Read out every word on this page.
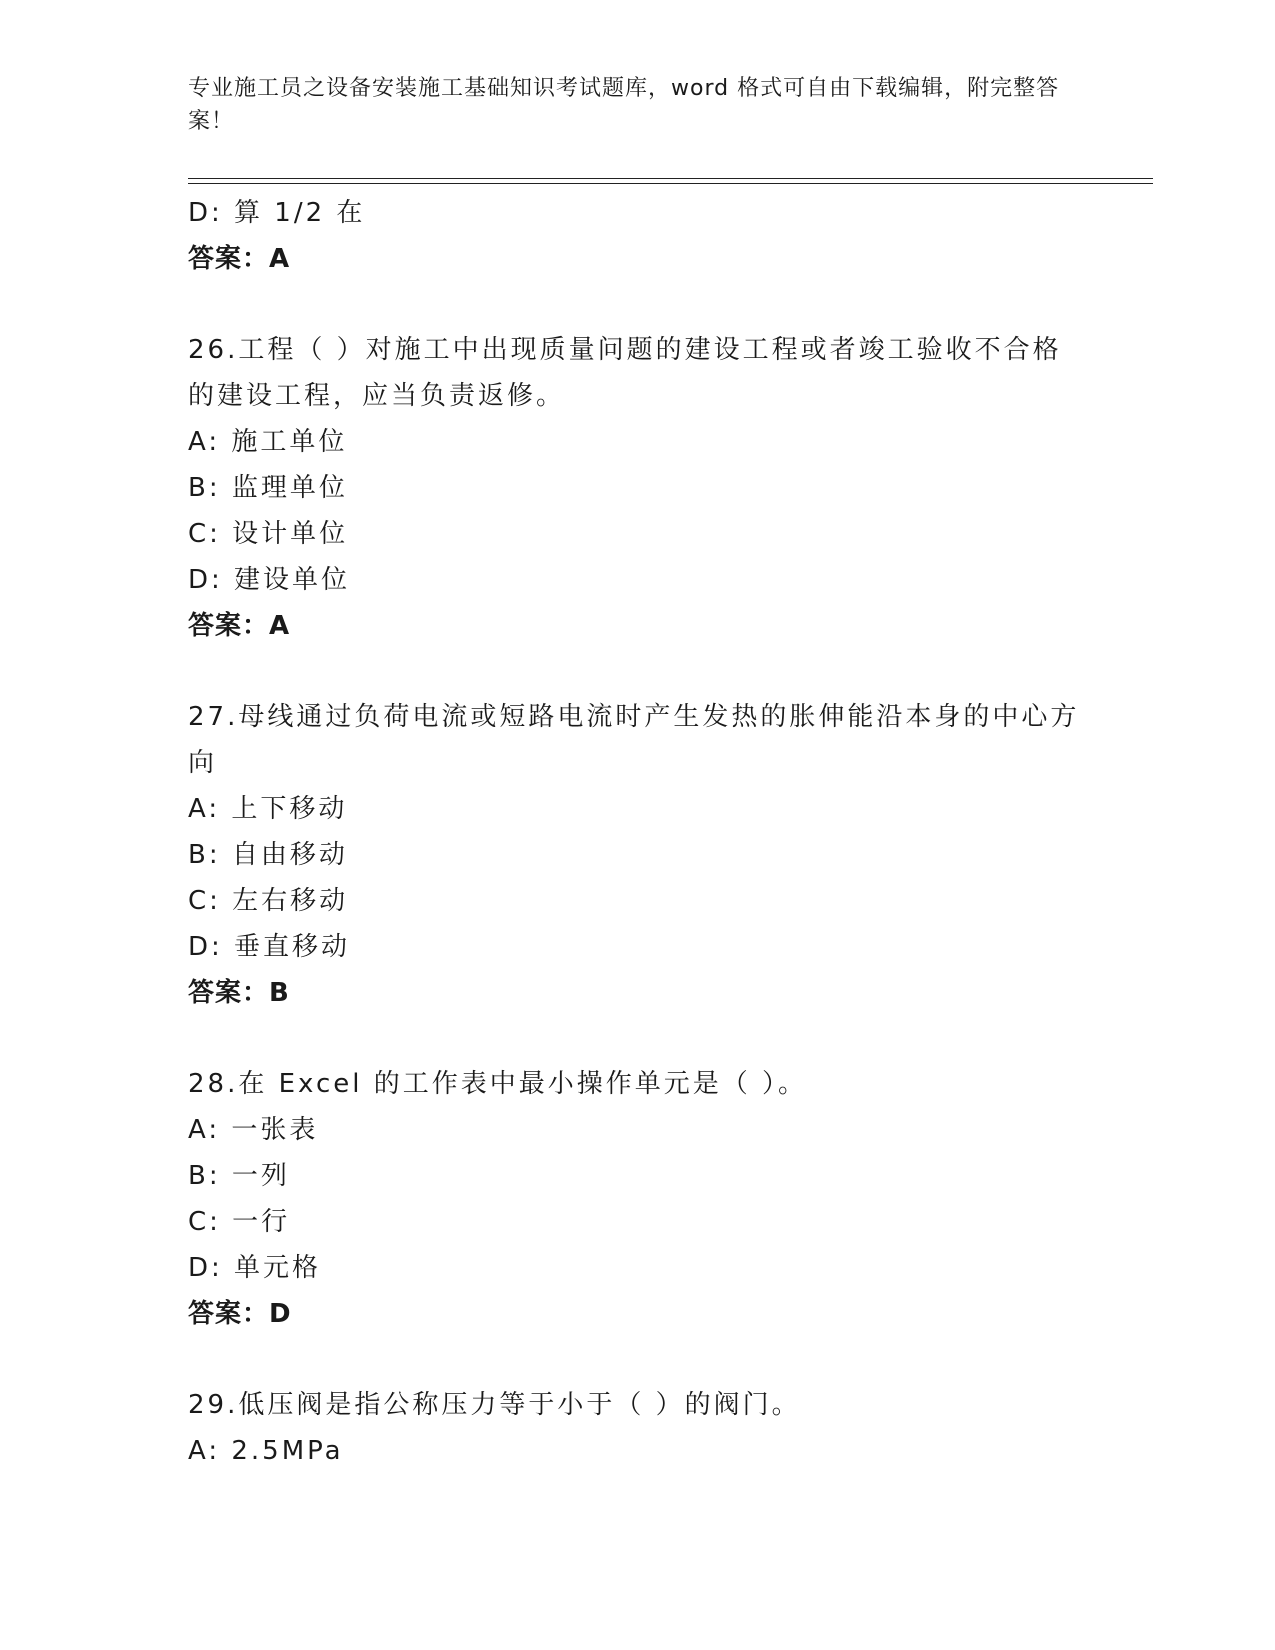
专业施工员之设备安装施工基础知识考试题库，word 格式可自由下载编辑，附完整答案！
D: 算 1/2 在
答案：A
26.工程（ ）对施工中出现质量问题的建设工程或者竣工验收不合格的建设工程，应当负责返修。
A: 施工单位
B: 监理单位
C: 设计单位
D: 建设单位
答案：A
27.母线通过负荷电流或短路电流时产生发热的胀伸能沿本身的中心方向
A: 上下移动
B: 自由移动
C: 左右移动
D: 垂直移动
答案：B
28.在 Excel 的工作表中最小操作单元是（ ）。
A: 一张表
B: 一列
C: 一行
D: 单元格
答案：D
29.低压阀是指公称压力等于小于（ ）的阀门。
A: 2.5MPa
